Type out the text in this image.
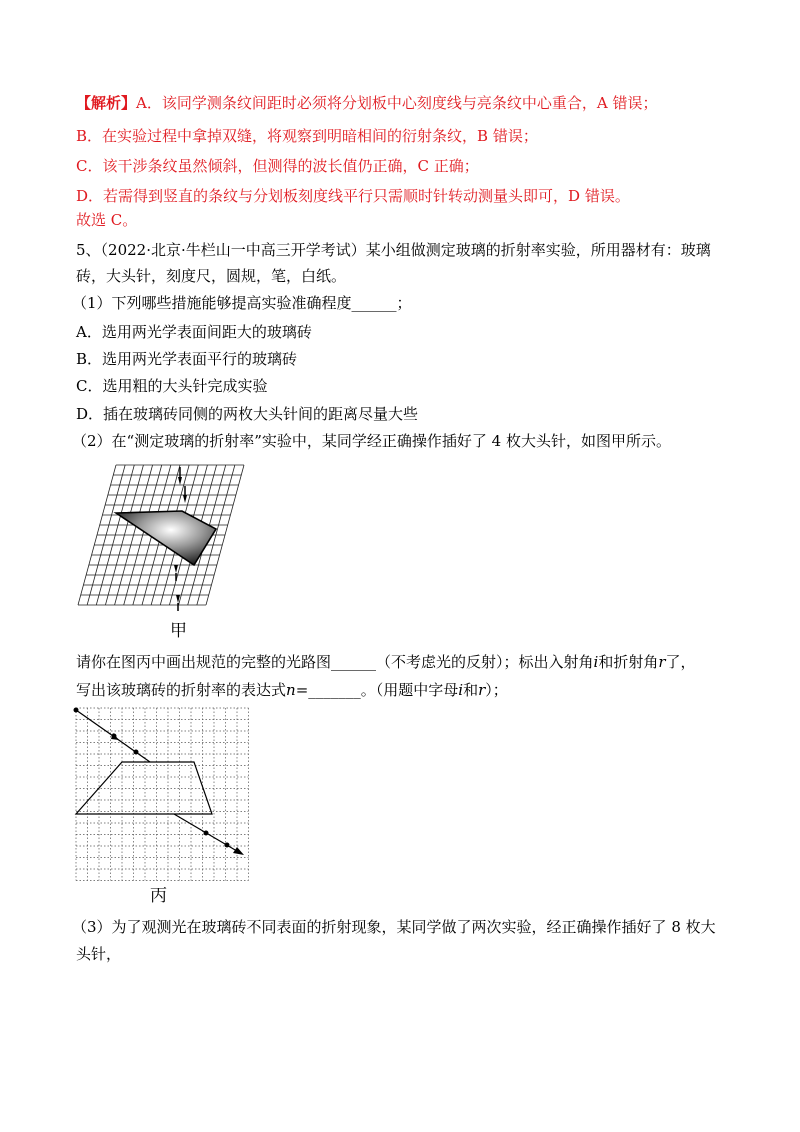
【解析】A．该同学测条纹间距时必须将分划板中心刻度线与亮条纹中心重合，A 错误；
B．在实验过程中拿掉双缝，将观察到明暗相间的衍射条纹，B 错误；
C．该干涉条纹虽然倾斜，但测得的波长值仍正确，C 正确；
D．若需得到竖直的条纹与分划板刻度线平行只需顺时针转动测量头即可，D 错误。
故选 C。
5、（2022·北京·牛栏山一中高三开学考试）某小组做测定玻璃的折射率实验，所用器材有：玻璃
砖，大头针，刻度尺，圆规，笔，白纸。
（1）下列哪些措施能够提高实验准确程度______；
A．选用两光学表面间距大的玻璃砖
B．选用两光学表面平行的玻璃砖
C．选用粗的大头针完成实验
D．插在玻璃砖同侧的两枚大头针间的距离尽量大些
（2）在“测定玻璃的折射率”实验中，某同学经正确操作插好了 4 枚大头针，如图甲所示。
甲
请你在图丙中画出规范的完整的光路图______（不考虑光的反射）；标出入射角i和折射角r了，
写出该玻璃砖的折射率的表达式n=_______。（用题中字母i和r）；
丙
（3）为了观测光在玻璃砖不同表面的折射现象，某同学做了两次实验，经正确操作插好了 8 枚大
头针，
